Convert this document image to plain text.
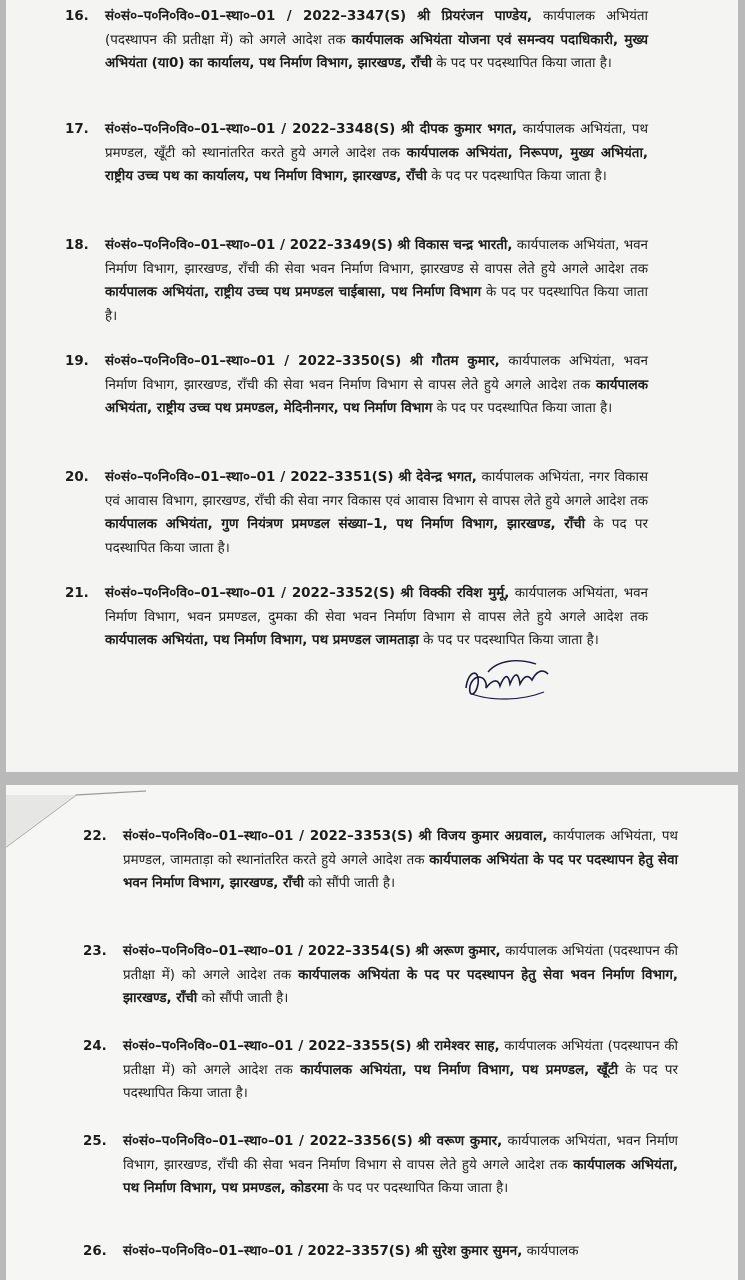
16. सं०सं०–प०नि०वि०–01–स्था०–01 / 2022–3347(S) श्री प्रियरंजन पाण्डेय, कार्यपालक अभियंता (पदस्थापन की प्रतीक्षा में) को अगले आदेश तक कार्यपालक अभियंता योजना एवं समन्वय पदाधिकारी, मुख्य अभियंता (या0) का कार्यालय, पथ निर्माण विभाग, झारखण्ड, राँची के पद पर पदस्थापित किया जाता है।
17. सं०सं०–प०नि०वि०–01–स्था०–01 / 2022–3348(S) श्री दीपक कुमार भगत, कार्यपालक अभियंता, पथ प्रमण्डल, खूँटी को स्थानांतरित करते हुये अगले आदेश तक कार्यपालक अभियंता, निरूपण, मुख्य अभियंता, राष्ट्रीय उच्च पथ का कार्यालय, पथ निर्माण विभाग, झारखण्ड, राँची के पद पर पदस्थापित किया जाता है।
18. सं०सं०–प०नि०वि०–01–स्था०–01 / 2022–3349(S) श्री विकास चन्द्र भारती, कार्यपालक अभियंता, भवन निर्माण विभाग, झारखण्ड, राँची की सेवा भवन निर्माण विभाग, झारखण्ड से वापस लेते हुये अगले आदेश तक कार्यपालक अभियंता, राष्ट्रीय उच्च पथ प्रमण्डल चाईबासा, पथ निर्माण विभाग के पद पर पदस्थापित किया जाता है।
19. सं०सं०–प०नि०वि०–01–स्था०–01 / 2022–3350(S) श्री गौतम कुमार, कार्यपालक अभियंता, भवन निर्माण विभाग, झारखण्ड, राँची की सेवा भवन निर्माण विभाग से वापस लेते हुये अगले आदेश तक कार्यपालक अभियंता, राष्ट्रीय उच्च पथ प्रमण्डल, मेदिनीनगर, पथ निर्माण विभाग के पद पर पदस्थापित किया जाता है।
20. सं०सं०–प०नि०वि०–01–स्था०–01 / 2022–3351(S) श्री देवेन्द्र भगत, कार्यपालक अभियंता, नगर विकास एवं आवास विभाग, झारखण्ड, राँची की सेवा नगर विकास एवं आवास विभाग से वापस लेते हुये अगले आदेश तक कार्यपालक अभियंता, गुण नियंत्रण प्रमण्डल संख्या–1, पथ निर्माण विभाग, झारखण्ड, राँची के पद पर पदस्थापित किया जाता है।
21. सं०सं०–प०नि०वि०–01–स्था०–01 / 2022–3352(S) श्री विक्की रविश मुर्मू, कार्यपालक अभियंता, भवन निर्माण विभाग, भवन प्रमण्डल, दुमका की सेवा भवन निर्माण विभाग से वापस लेते हुये अगले आदेश तक कार्यपालक अभियंता, पथ निर्माण विभाग, पथ प्रमण्डल जामताड़ा के पद पर पदस्थापित किया जाता है।
22. सं०सं०–प०नि०वि०–01–स्था०–01 / 2022–3353(S) श्री विजय कुमार अग्रवाल, कार्यपालक अभियंता, पथ प्रमण्डल, जामताड़ा को स्थानांतरित करते हुये अगले आदेश तक कार्यपालक अभियंता के पद पर पदस्थापन हेतु सेवा भवन निर्माण विभाग, झारखण्ड, राँची को सौंपी जाती है।
23. सं०सं०–प०नि०वि०–01–स्था०–01 / 2022–3354(S) श्री अरूण कुमार, कार्यपालक अभियंता (पदस्थापन की प्रतीक्षा में) को अगले आदेश तक कार्यपालक अभियंता के पद पर पदस्थापन हेतु सेवा भवन निर्माण विभाग, झारखण्ड, राँची को सौंपी जाती है।
24. सं०सं०–प०नि०वि०–01–स्था०–01 / 2022–3355(S) श्री रामेश्वर साह, कार्यपालक अभियंता (पदस्थापन की प्रतीक्षा में) को अगले आदेश तक कार्यपालक अभियंता, पथ निर्माण विभाग, पथ प्रमण्डल, खूँटी के पद पर पदस्थापित किया जाता है।
25. सं०सं०–प०नि०वि०–01–स्था०–01 / 2022–3356(S) श्री वरूण कुमार, कार्यपालक अभियंता, भवन निर्माण विभाग, झारखण्ड, राँची की सेवा भवन निर्माण विभाग से वापस लेते हुये अगले आदेश तक कार्यपालक अभियंता, पथ निर्माण विभाग, पथ प्रमण्डल, कोडरमा के पद पर पदस्थापित किया जाता है।
26. सं०सं०–प०नि०वि०–01–स्था०–01 / 2022–3357(S) श्री सुरेश कुमार सुमन, कार्यपालक
